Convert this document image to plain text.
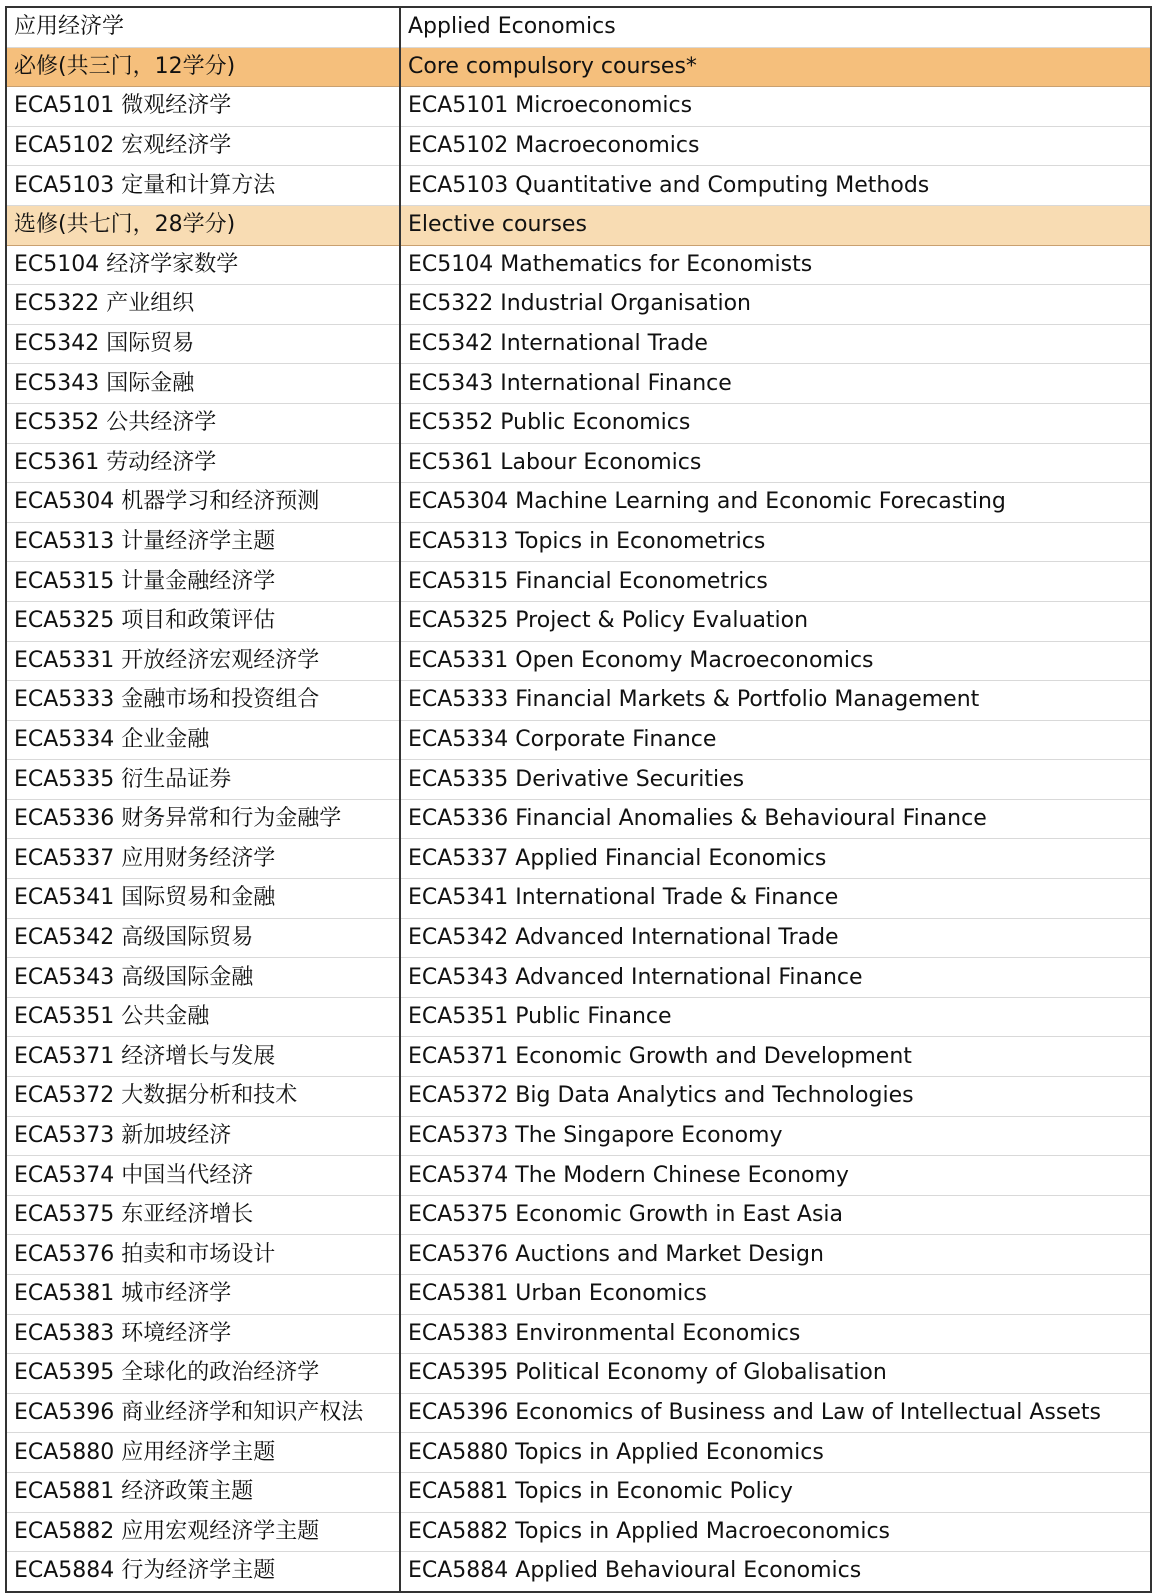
应用经济学	Applied Economics
必修(共三门，12学分)	Core compulsory courses*
ECA5101 微观经济学	ECA5101 Microeconomics
ECA5102 宏观经济学	ECA5102 Macroeconomics
ECA5103 定量和计算方法	ECA5103 Quantitative and Computing Methods
选修(共七门，28学分)	Elective courses
EC5104 经济学家数学	EC5104 Mathematics for Economists
EC5322 产业组织	EC5322 Industrial Organisation
EC5342 国际贸易	EC5342 International Trade
EC5343 国际金融	EC5343 International Finance
EC5352 公共经济学	EC5352 Public Economics
EC5361 劳动经济学	EC5361 Labour Economics
ECA5304 机器学习和经济预测	ECA5304 Machine Learning and Economic Forecasting
ECA5313 计量经济学主题	ECA5313 Topics in Econometrics
ECA5315 计量金融经济学	ECA5315 Financial Econometrics
ECA5325 项目和政策评估	ECA5325 Project & Policy Evaluation
ECA5331 开放经济宏观经济学	ECA5331 Open Economy Macroeconomics
ECA5333 金融市场和投资组合	ECA5333 Financial Markets & Portfolio Management
ECA5334 企业金融	ECA5334 Corporate Finance
ECA5335 衍生品证券	ECA5335 Derivative Securities
ECA5336 财务异常和行为金融学	ECA5336 Financial Anomalies & Behavioural Finance
ECA5337 应用财务经济学	ECA5337 Applied Financial Economics
ECA5341 国际贸易和金融	ECA5341 International Trade & Finance
ECA5342 高级国际贸易	ECA5342 Advanced International Trade
ECA5343 高级国际金融	ECA5343 Advanced International Finance
ECA5351 公共金融	ECA5351 Public Finance
ECA5371 经济增长与发展	ECA5371 Economic Growth and Development
ECA5372 大数据分析和技术	ECA5372 Big Data Analytics and Technologies
ECA5373 新加坡经济	ECA5373 The Singapore Economy
ECA5374 中国当代经济	ECA5374 The Modern Chinese Economy
ECA5375 东亚经济增长	ECA5375 Economic Growth in East Asia
ECA5376 拍卖和市场设计	ECA5376 Auctions and Market Design
ECA5381 城市经济学	ECA5381 Urban Economics
ECA5383 环境经济学	ECA5383 Environmental Economics
ECA5395 全球化的政治经济学	ECA5395 Political Economy of Globalisation
ECA5396 商业经济学和知识产权法	ECA5396 Economics of Business and Law of Intellectual Assets
ECA5880 应用经济学主题	ECA5880 Topics in Applied Economics
ECA5881 经济政策主题	ECA5881 Topics in Economic Policy
ECA5882 应用宏观经济学主题	ECA5882 Topics in Applied Macroeconomics
ECA5884 行为经济学主题	ECA5884 Applied Behavioural Economics
